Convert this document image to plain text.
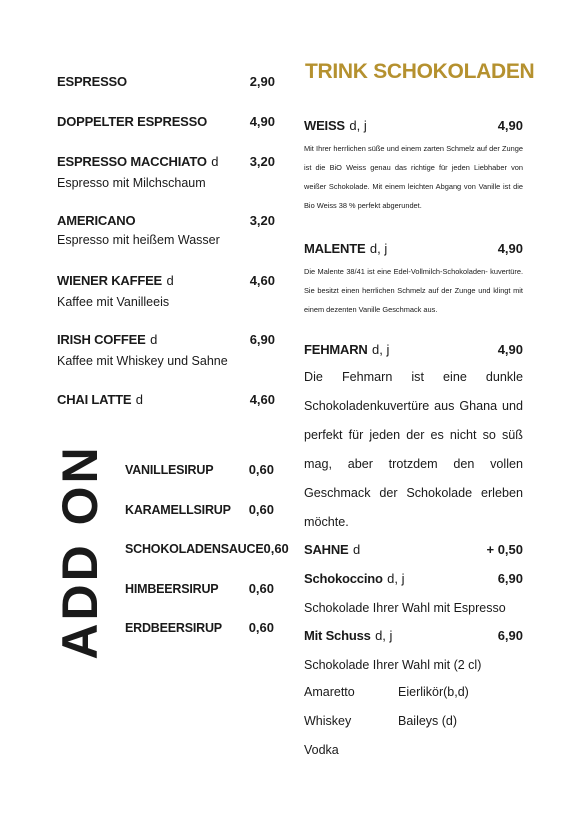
ESPRESSO	2,90
DOPPELTER ESPRESSO	4,90
ESPRESSO MACCHIATO d 3,20
Espresso mit Milchschaum
AMERICANO	3,20
Espresso mit heißem Wasser
WIENER KAFFEE d	4,60
Kaffee mit Vanilleeis
IRISH COFFEE d	6,90
Kaffee mit Whiskey und Sahne
CHAI LATTE d	4,60
ADD ON VANILLESIRUP	0,60
KARAMELLSIRUP 0,60
SCHOKOLADENSAUCE 0,60
HIMBEERSIRUP 0,60
ERDBEERSIRUP 0,60
TRINK SCHOKOLADEN
WEISS d, j	4,90
Mit Ihrer herrlichen süße und einem zarten Schmelz auf der Zunge ist die BiO Weiss genau das richtige für jeden Liebhaber von weißer Schokolade. Mit einem leichten Abgang von Vanille ist die Bio Weiss 38 % perfekt abgerundet.
MALENTE d, j	4,90
Die Malente 38/41 ist eine Edel-Vollmilch-Schokoladen- kuvertüre. Sie besitzt einen herrlichen Schmelz auf der Zunge und klingt mit einem dezenten Vanille Geschmack aus.
FEHMARN d, j	4,90
Die Fehmarn ist eine dunkle Schokoladenkuvertüre aus Ghana und perfekt für jeden der es nicht so süß mag, aber trotzdem den vollen Geschmack der Schokolade erleben möchte.
SAHNE d	+ 0,50
Schokoccino d, j	6,90
Schokolade Ihrer Wahl mit Espresso
Mit Schuss d, j	6,90
Schokolade Ihrer Wahl mit (2 cl)
Amaretto	Eierlikör(b,d)
Whiskey	Baileys (d)
Vodka
